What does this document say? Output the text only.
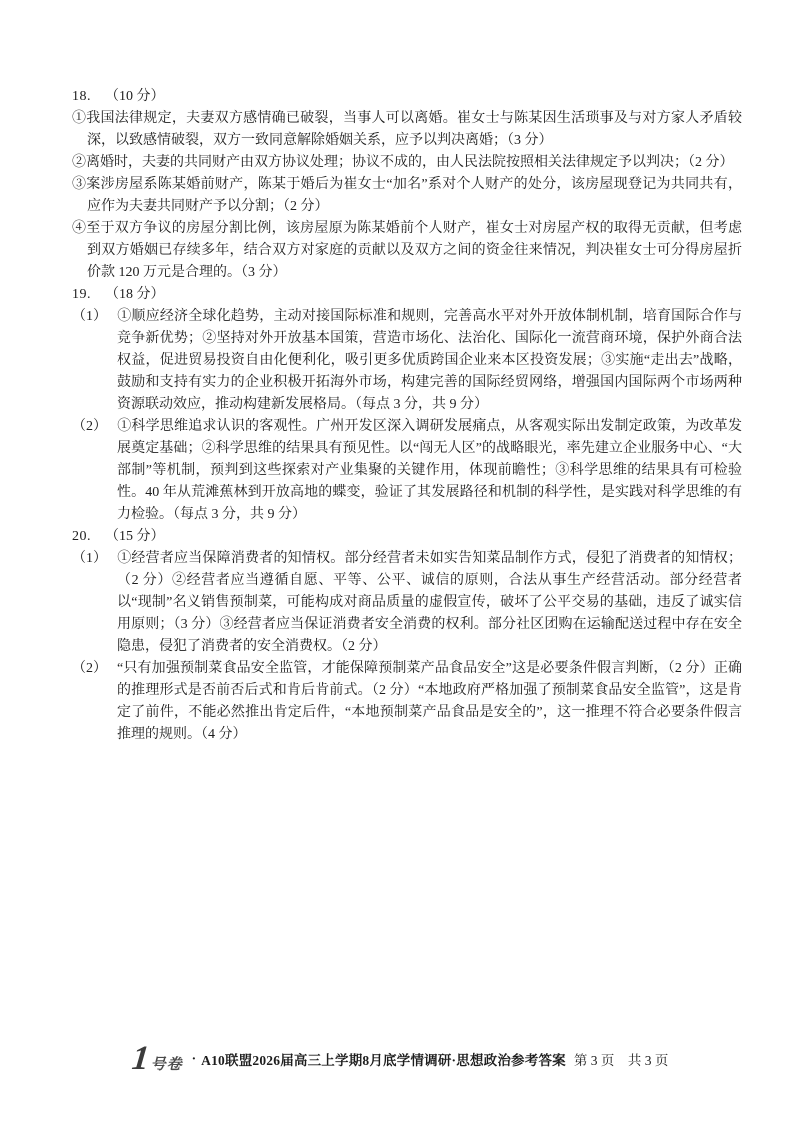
18. （10 分）

①我国法律规定，夫妻双方感情确已破裂，当事人可以离婚。崔女士与陈某因生活琐事及与对方家人矛盾较深，以致感情破裂，双方一致同意解除婚姻关系，应予以判决离婚；（3 分）

②离婚时，夫妻的共同财产由双方协议处理；协议不成的，由人民法院按照相关法律规定予以判决；（2 分）

③案涉房屋系陈某婚前财产，陈某于婚后为崔女士“加名”系对个人财产的处分，该房屋现登记为共同共有，应作为夫妻共同财产予以分割；（2 分）

④至于双方争议的房屋分割比例，该房屋原为陈某婚前个人财产，崔女士对房屋产权的取得无贡献，但考虑到双方婚姻已存续多年，结合双方对家庭的贡献以及双方之间的资金往来情况，判决崔女士可分得房屋折价款 120 万元是合理的。（3 分）

19. （18 分）

（1） ①顺应经济全球化趋势，主动对接国际标准和规则，完善高水平对外开放体制机制，培育国际合作与竞争新优势；②坚持对外开放基本国策，营造市场化、法治化、国际化一流营商环境，保护外商合法权益，促进贸易投资自由化便利化，吸引更多优质跨国企业来本区投资发展；③实施“走出去”战略，鼓励和支持有实力的企业积极开拓海外市场，构建完善的国际经贸网络，增强国内国际两个市场两种资源联动效应，推动构建新发展格局。（每点 3 分，共 9 分）

（2） ①科学思维追求认识的客观性。广州开发区深入调研发展痛点，从客观实际出发制定政策，为改革发展奠定基础；②科学思维的结果具有预见性。以“闯无人区”的战略眼光，率先建立企业服务中心、“大部制”等机制，预判到这些探索对产业集聚的关键作用，体现前瞻性；③科学思维的结果具有可检验性。40 年从荒滩蕉林到开放高地的蝶变，验证了其发展路径和机制的科学性，是实践对科学思维的有力检验。（每点 3 分，共 9 分）

20. （15 分）

（1） ①经营者应当保障消费者的知情权。部分经营者未如实告知菜品制作方式，侵犯了消费者的知情权；（2 分）②经营者应当遵循自愿、平等、公平、诚信的原则，合法从事生产经营活动。部分经营者以“现制”名义销售预制菜，可能构成对商品质量的虚假宣传，破坏了公平交易的基础，违反了诚实信用原则；（3 分）③经营者应当保证消费者安全消费的权利。部分社区团购在运输配送过程中存在安全隐患，侵犯了消费者的安全消费权。（2 分）

（2） “只有加强预制菜食品安全监管，才能保障预制菜产品食品安全”这是必要条件假言判断，（2 分）正确的推理形式是否前否后式和肯后肯前式。（2 分）“本地政府严格加强了预制菜食品安全监管”，这是肯定了前件，不能必然推出肯定后件，“本地预制菜产品食品是安全的”，这一推理不符合必要条件假言推理的规则。（4 分）

1 号卷 · A10联盟2026届高三上学期8月底学情调研·思想政治参考答案 第 3 页　共 3 页
